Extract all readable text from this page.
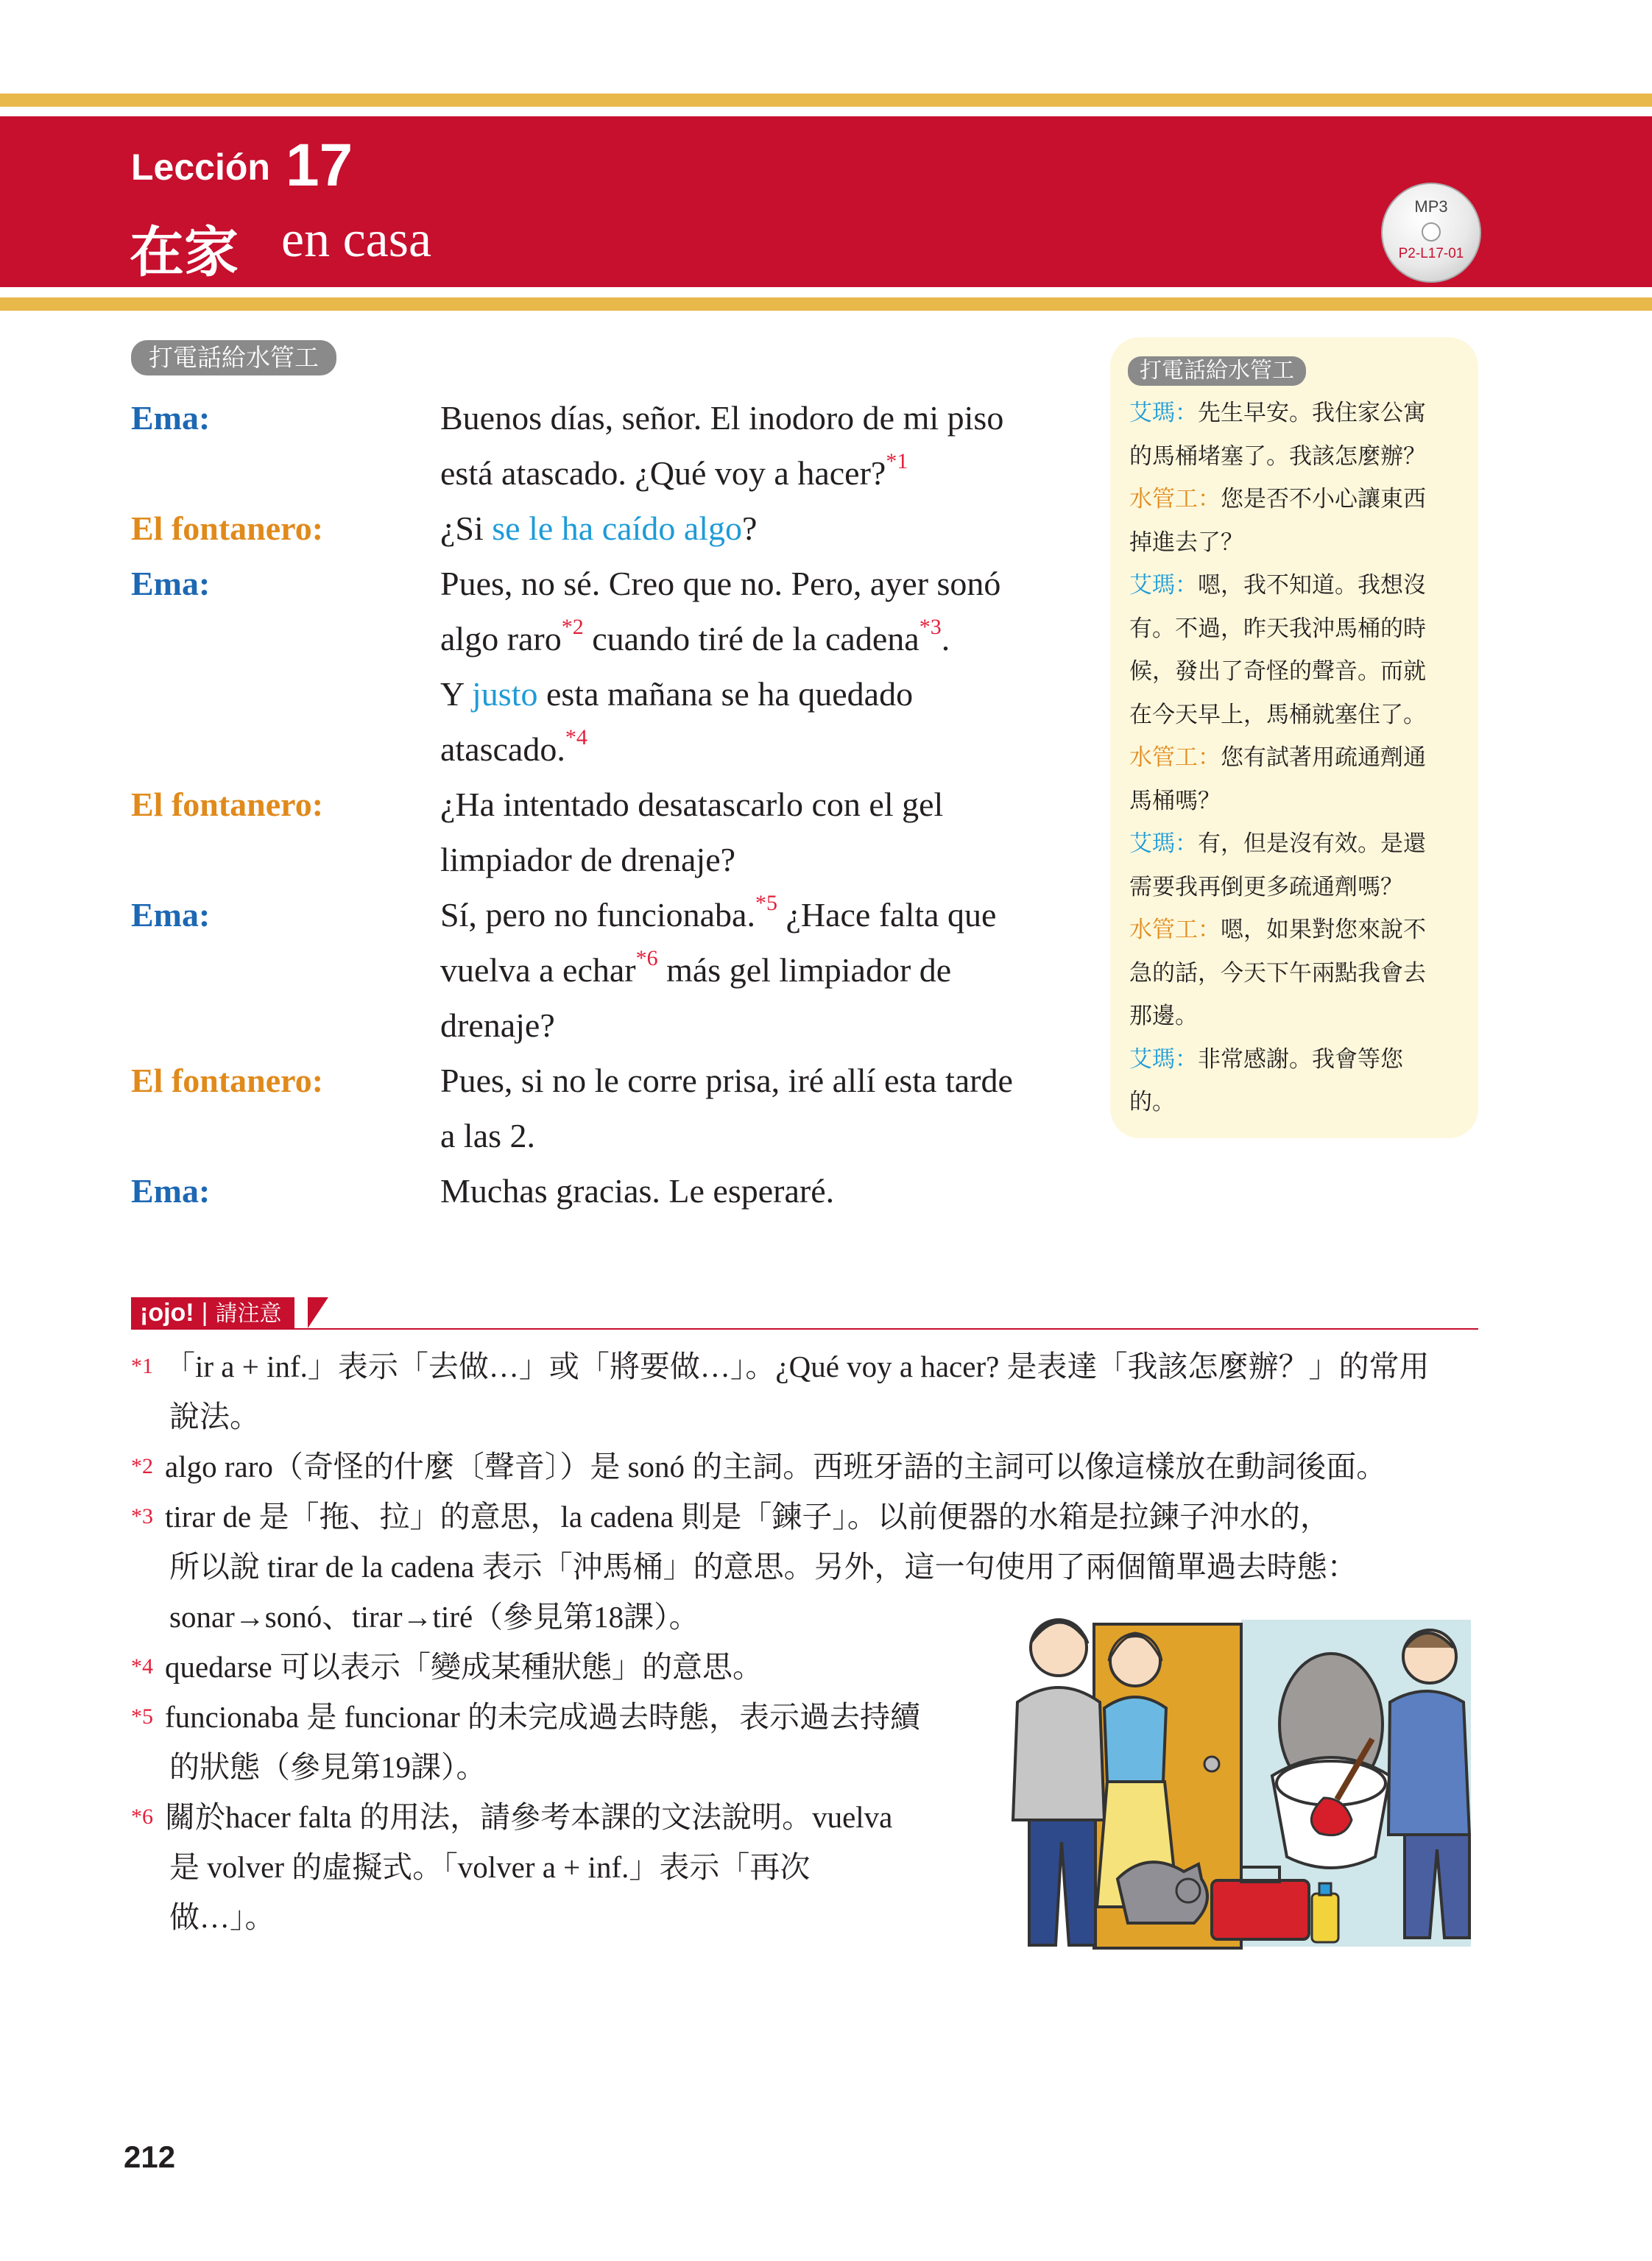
Lección 17
在家 en casa
MP3
P2-L17-01
打電話給水管工
Ema:	Buenos días, señor. El inodoro de mi piso
está atascado. ¿Qué voy a hacer?$^{*1}$
El fontanero:	¿Si se le ha caído algo?
Ema:	Pues, no sé. Creo que no. Pero, ayer sonó
algo raro$^{*2}$ cuando tiré de la cadena$^{*3}$.
Y justo esta mañana se ha quedado
atascado.$^{*4}$
El fontanero:	¿Ha intentado desatascarlo con el gel
limpiador de drenaje?
Ema:	Sí, pero no funcionaba.$^{*5}$ ¿Hace falta que
vuelva a echar$^{*6}$ más gel limpiador de
drenaje?
El fontanero:	Pues, si no le corre prisa, iré allí esta tarde
a las 2.
Ema:	Muchas gracias. Le esperaré.
打電話給水管工
艾瑪：先生早安。我住家公寓
的馬桶堵塞了。我該怎麼辦？
水管工：您是否不小心讓東西
掉進去了？
艾瑪：嗯，我不知道。我想沒
有。不過，昨天我沖馬桶的時
候，發出了奇怪的聲音。而就
在今天早上，馬桶就塞住了。
水管工：您有試著用疏通劑通
馬桶嗎？
艾瑪：有，但是沒有效。是還
需要我再倒更多疏通劑嗎？
水管工：嗯，如果對您來說不
急的話，今天下午兩點我會去
那邊。
艾瑪：非常感謝。我會等您
的。
¡ojo! | 請注意
*1 「ir a + inf.」表示「去做…」或「將要做…」。¿Qué voy a hacer? 是表達「我該怎麼辦？」的常用
說法。
*2 algo raro（奇怪的什麼〔聲音〕）是 sonó 的主詞。西班牙語的主詞可以像這樣放在動詞後面。
*3 tirar de 是「拖、拉」的意思，la cadena 則是「鍊子」。以前便器的水箱是拉鍊子沖水的，
所以說 tirar de la cadena 表示「沖馬桶」的意思。另外，這一句使用了兩個簡單過去時態：
sonar→sonó、tirar→tiré（參見第18課）。
*4 quedarse 可以表示「變成某種狀態」的意思。
*5 funcionaba 是 funcionar 的未完成過去時態，表示過去持續
的狀態（參見第19課）。
*6 關於hacer falta 的用法，請參考本課的文法說明。vuelva
是 volver 的虛擬式。「volver a + inf.」表示「再次
做…」。
212
